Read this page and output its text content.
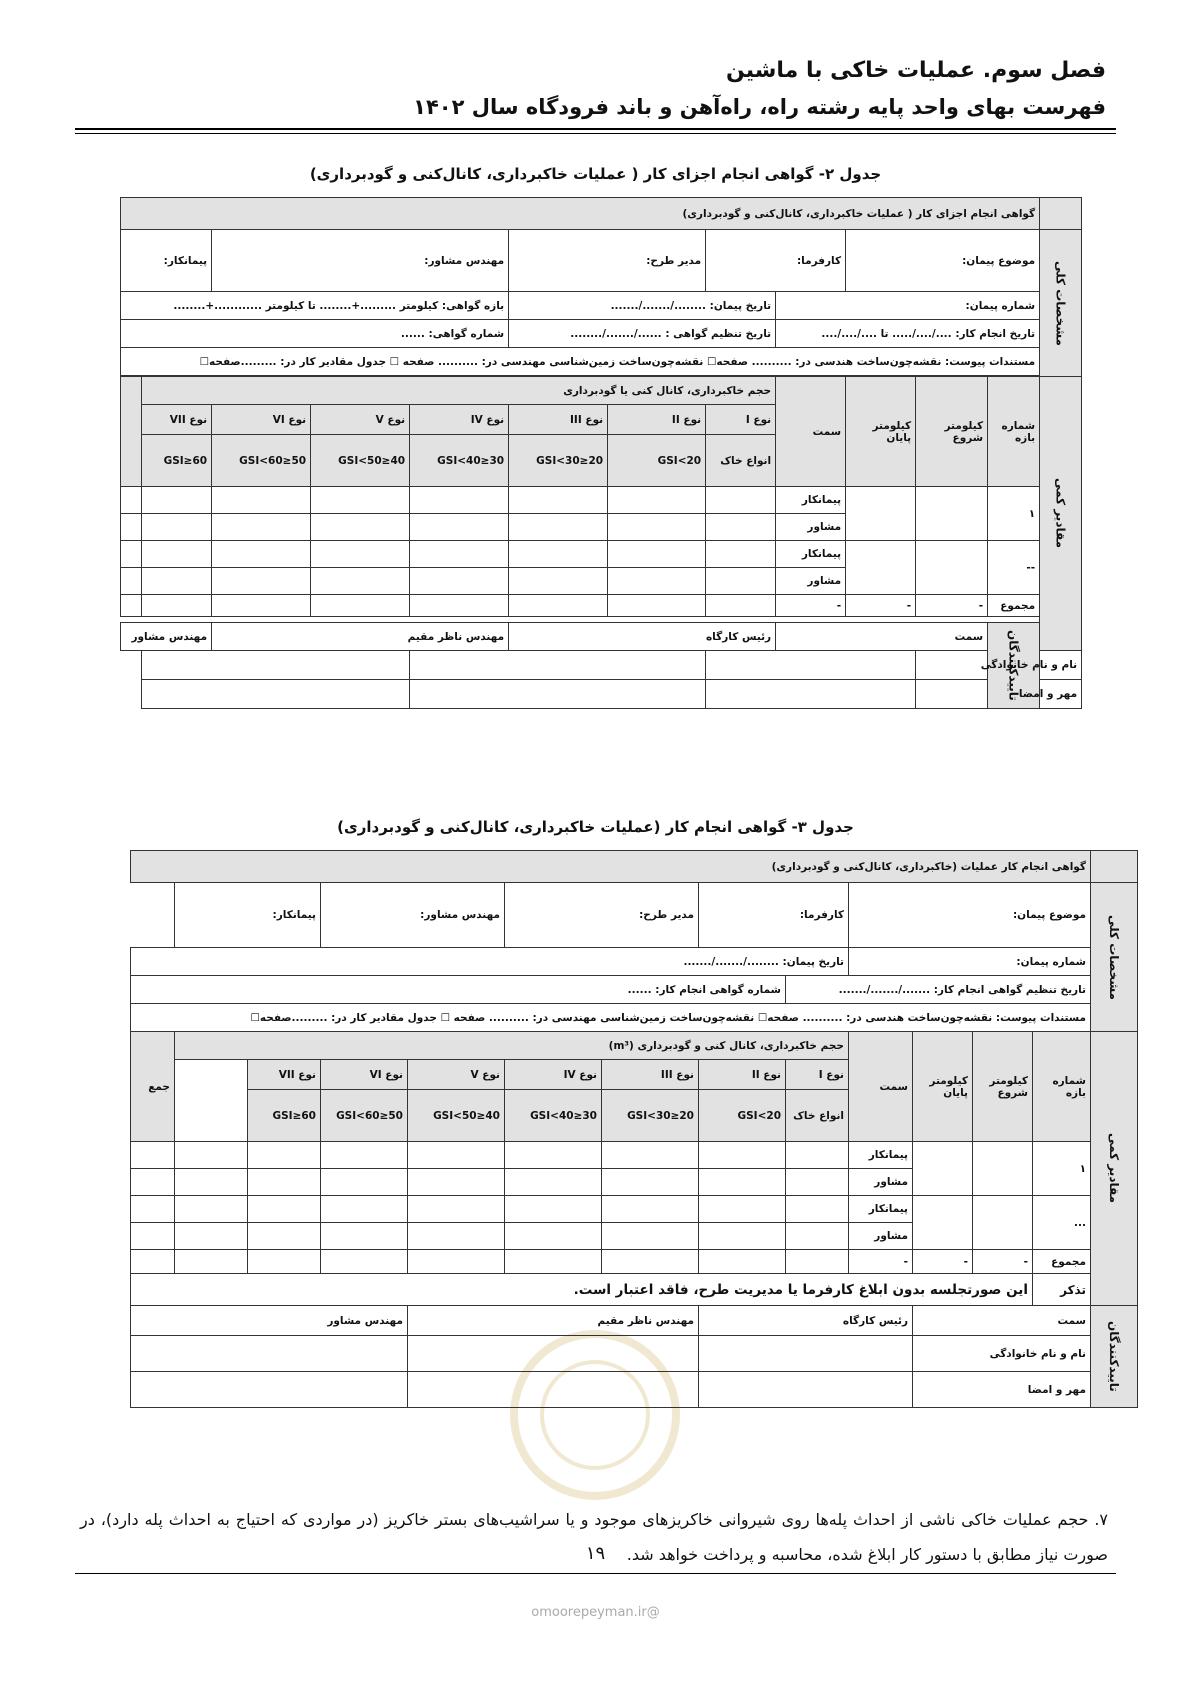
فصل سوم. عملیات خاکی با ماشین
فهرست بهای واحد پایه رشته راه، راه‌آهن و باند فرودگاه سال ۱۴۰۲
جدول ۲- گواهی انجام اجزای کار ( عملیات خاکبرداری، کانال‌کنی و گودبرداری)
	گواهی انجام اجزای کار ( عملیات خاکبرداری، کانال‌کنی و گودبرداری)											

مشخصات کلی	موضوع پیمان:			کارفرما:		مدیر طرح:		مهندس مشاور:			پیمانکار:	
	شماره پیمان:				تاریخ پیمان: ......../......./.......			بازه گواهی: کیلومتر .........+........ تا کیلومتر ............+........				
	تاریخ انجام کار: ..../..../..... تا ..../..../....				تاریخ تنظیم گواهی : ....../......./........			شماره گواهی: ......				
	مستندات پیوست: نقشه‌چون‌ساخت هندسی در: .......... صفحه☐ نقشه‌چون‌ساخت زمین‌شناسی مهندسی در: .......... صفحه ☐ جدول مقادیر کار در: .........صفحه☐											

مقادیر کمی	شماره بازه	کیلومتر شروع	کیلومتر پایان	سمت	حجم خاکبرداری، کانال کنی یا گودبرداری							
					نوع I	نوع II	نوع III	نوع IV	نوع V	نوع VI	نوع VII	
					انواع خاک	GSI<20	20≤GSI<30	30≤GSI<40	40≤GSI<50	50≤GSI<60	60≤GSI	
	۱			پیمانکار								
				مشاور								
	--			پیمانکار								
				مشاور								
	مجموع	-	-	-								

	تاییدکنندگان	سمت			رئیس کارگاه			مهندس ناظر مقیم			مهندس مشاور	
نام و نام خانوادگی												
مهر و امضا												
جدول ۳- گواهی انجام کار (عملیات خاکبرداری، کانال‌کنی و گودبرداری)
	گواهی انجام کار عملیات (خاکبرداری، کانال‌کنی و گودبرداری)												

مشخصات کلی	موضوع پیمان:				کارفرما:		مدیر طرح:		مهندس مشاور:		پیمانکار:		
	شماره پیمان:				تاریخ پیمان: ......../......./.......								
	تاریخ تنظیم گواهی انجام کار: ......./......./.......					شماره گواهی انجام کار: ......							
	مستندات پیوست: نقشه‌چون‌ساخت هندسی در: .......... صفحه☐ نقشه‌چون‌ساخت زمین‌شناسی مهندسی در: .......... صفحه ☐ جدول مقادیر کار در: .........صفحه☐												

مقادیر کمی	شماره بازه	کیلومتر شروع	کیلومتر پایان	سمت	حجم خاکبرداری، کانال کنی و گودبرداری (m³)								جمع
					نوع I	نوع II	نوع III	نوع IV	نوع V	نوع VI	نوع VII		
					انواع خاک	GSI<20	20≤GSI<30	30≤GSI<40	40≤GSI<50	50≤GSI<60	60≤GSI		
	۱			پیمانکار									
				مشاور									
	...			پیمانکار									
				مشاور									
	مجموع	-	-	-									
	تذکر	این صورتجلسه بدون ابلاغ کارفرما یا مدیریت طرح، فاقد اعتبار است.											

تاییدکنندگان	سمت			رئیس کارگاه			مهندس ناظر مقیم			مهندس مشاور			
	نام و نام خانوادگی												
	مهر و امضا												
۷. حجم عملیات خاکی ناشی از احداث پله‌ها روی شیروانی خاکریزهای موجود و یا سراشیب‌های بستر خاکریز (در مواردی که احتیاج به احداث پله دارد)، در صورت نیاز مطابق با دستور کار ابلاغ شده، محاسبه و پرداخت خواهد شد.
۱۹
@omoorepeyman.ir
